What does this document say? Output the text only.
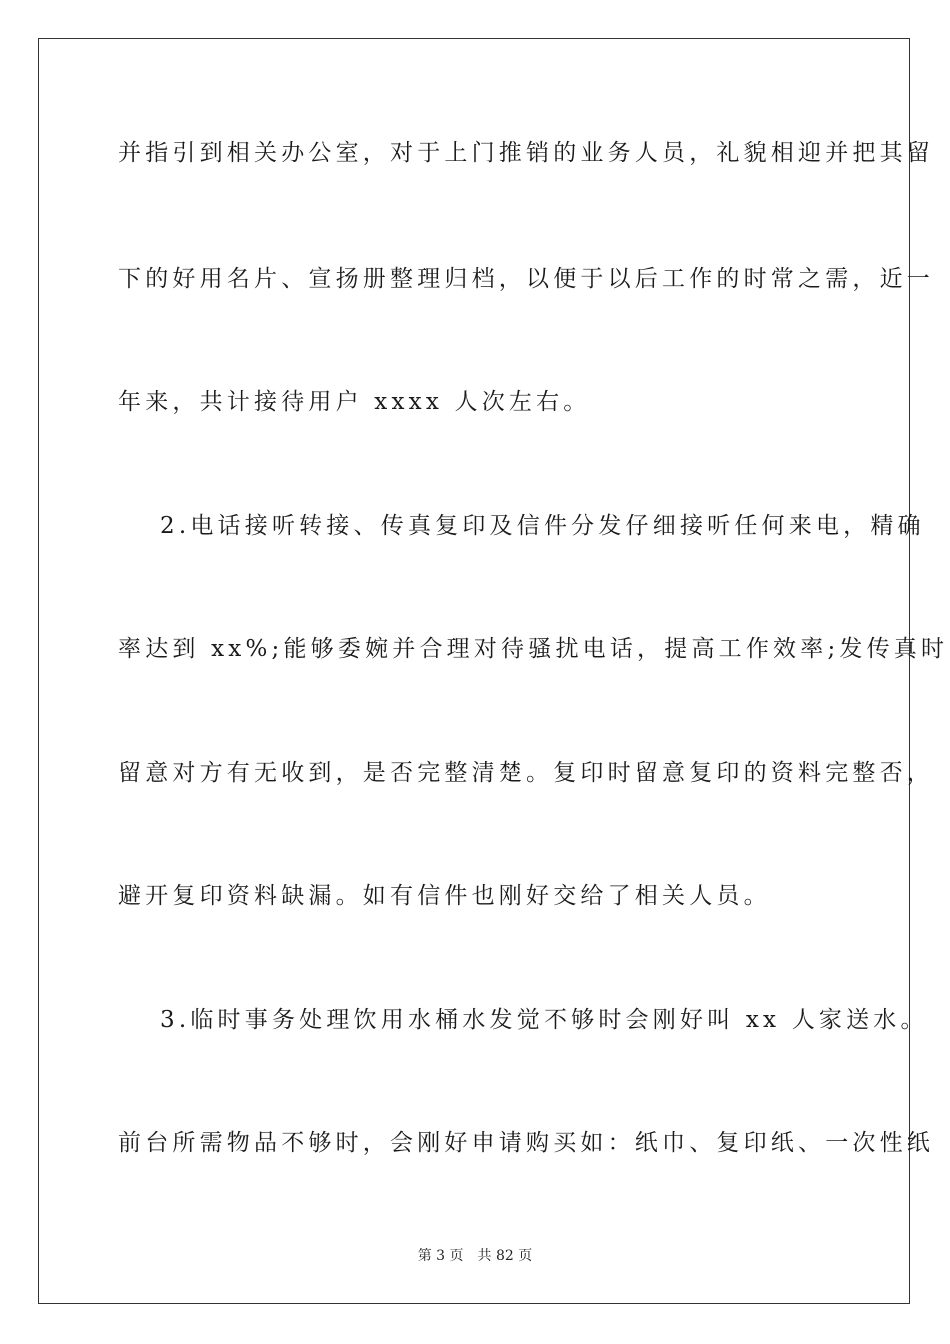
并指引到相关办公室，对于上门推销的业务人员，礼貌相迎并把其留
下的好用名片、宣扬册整理归档，以便于以后工作的时常之需，近一
年来，共计接待用户 xxxx 人次左右。
2.电话接听转接、传真复印及信件分发仔细接听任何来电，精确
率达到 xx%;能够委婉并合理对待骚扰电话，提高工作效率;发传真时
留意对方有无收到，是否完整清楚。复印时留意复印的资料完整否，
避开复印资料缺漏。如有信件也刚好交给了相关人员。
3.临时事务处理饮用水桶水发觉不够时会刚好叫 xx 人家送水。
前台所需物品不够时，会刚好申请购买如：纸巾、复印纸、一次性纸
第 3 页 共 82 页
